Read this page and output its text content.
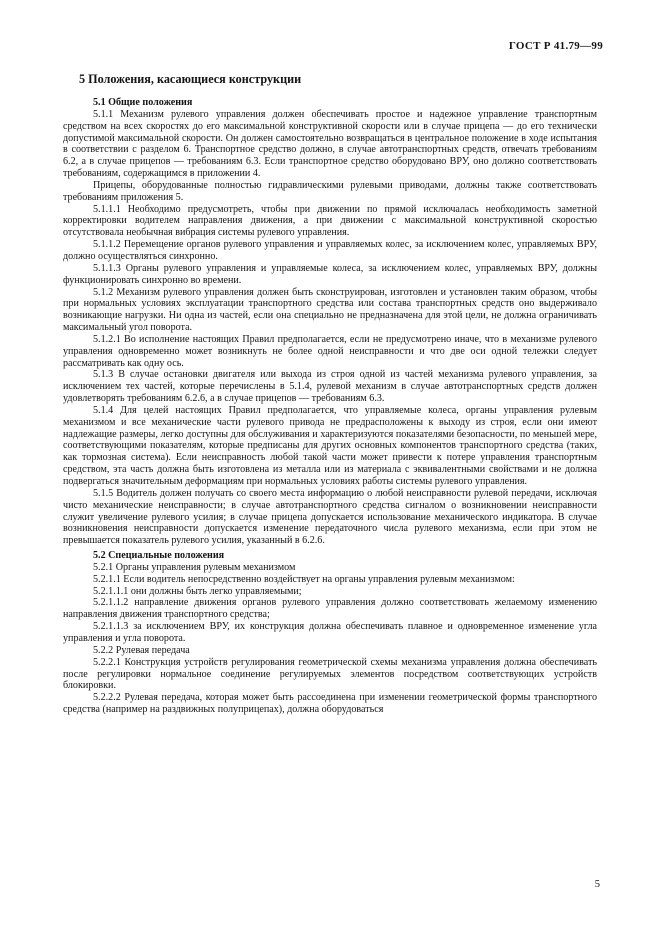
ГОСТ Р 41.79—99
5 Положения, касающиеся конструкции
5.1 Общие положения

5.1.1 Механизм рулевого управления должен обеспечивать простое и надежное управление транспортным средством на всех скоростях до его максимальной конструктивной скорости или в случае прицепа — до его технически допустимой максимальной скорости. Он должен самостоятельно возвращаться в центральное положение в ходе испытания в соответствии с разделом 6. Транспортное средство должно, в случае автотранспортных средств, отвечать требованиям 6.2, а в случае прицепов — требованиям 6.3. Если транспортное средство оборудовано ВРУ, оно должно соответствовать требованиям, содержащимся в приложении 4.

Прицепы, оборудованные полностью гидравлическими рулевыми приводами, должны также соответствовать требованиям приложения 5.

5.1.1.1 Необходимо предусмотреть, чтобы при движении по прямой исключалась необходимость заметной корректировки водителем направления движения, а при движении с максимальной конструктивной скоростью отсутствовала необычная вибрация системы рулевого управления.

5.1.1.2 Перемещение органов рулевого управления и управляемых колес, за исключением колес, управляемых ВРУ, должно осуществляться синхронно.

5.1.1.3 Органы рулевого управления и управляемые колеса, за исключением колес, управляемых ВРУ, должны функционировать синхронно во времени.

5.1.2 Механизм рулевого управления должен быть сконструирован, изготовлен и установлен таким образом, чтобы при нормальных условиях эксплуатации транспортного средства или состава транспортных средств оно выдерживало возникающие нагрузки. Ни одна из частей, если она специально не предназначена для этой цели, не должна ограничивать максимальный угол поворота.

5.1.2.1 Во исполнение настоящих Правил предполагается, если не предусмотрено иначе, что в механизме рулевого управления одновременно может возникнуть не более одной неисправности и что две оси одной тележки следует рассматривать как одну ось.

5.1.3 В случае остановки двигателя или выхода из строя одной из частей механизма рулевого управления, за исключением тех частей, которые перечислены в 5.1.4, рулевой механизм в случае автотранспортных средств должен удовлетворять требованиям 6.2.6, а в случае прицепов — требованиям 6.3.

5.1.4 Для целей настоящих Правил предполагается, что управляемые колеса, органы управления рулевым механизмом и все механические части рулевого привода не предрасположены к выходу из строя, если они имеют надлежащие размеры, легко доступны для обслуживания и характеризуются показателями безопасности, по меньшей мере, соответствующими показателям, которые предписаны для других основных компонентов транспортного средства (таких, как тормозная система). Если неисправность любой такой части может привести к потере управления транспортным средством, эта часть должна быть изготовлена из металла или из материала с эквивалентными свойствами и не должна подвергаться значительным деформациям при нормальных условиях работы системы рулевого управления.

5.1.5 Водитель должен получать со своего места информацию о любой неисправности рулевой передачи, исключая чисто механические неисправности; в случае автотранспортного средства сигналом о возникновении неисправности служит увеличение рулевого усилия; в случае прицепа допускается использование механического индикатора. В случае возникновения неисправности допускается изменение передаточного числа рулевого механизма, если при этом не превышается показатель рулевого усилия, указанный в 6.2.6.

5.2 Специальные положения

5.2.1 Органы управления рулевым механизмом

5.2.1.1 Если водитель непосредственно воздействует на органы управления рулевым механизмом:

5.2.1.1.1 они должны быть легко управляемыми;

5.2.1.1.2 направление движения органов рулевого управления должно соответствовать желаемому изменению направления движения транспортного средства;

5.2.1.1.3 за исключением ВРУ, их конструкция должна обеспечивать плавное и одновременное изменение угла управления и угла поворота.

5.2.2 Рулевая передача

5.2.2.1 Конструкция устройств регулирования геометрической схемы механизма управления должна обеспечивать после регулировки нормальное соединение регулируемых элементов посредством соответствующих устройств блокировки.

5.2.2.2 Рулевая передача, которая может быть рассоединена при изменении геометрической формы транспортного средства (например на раздвижных полуприцепах), должна оборудоваться

5
